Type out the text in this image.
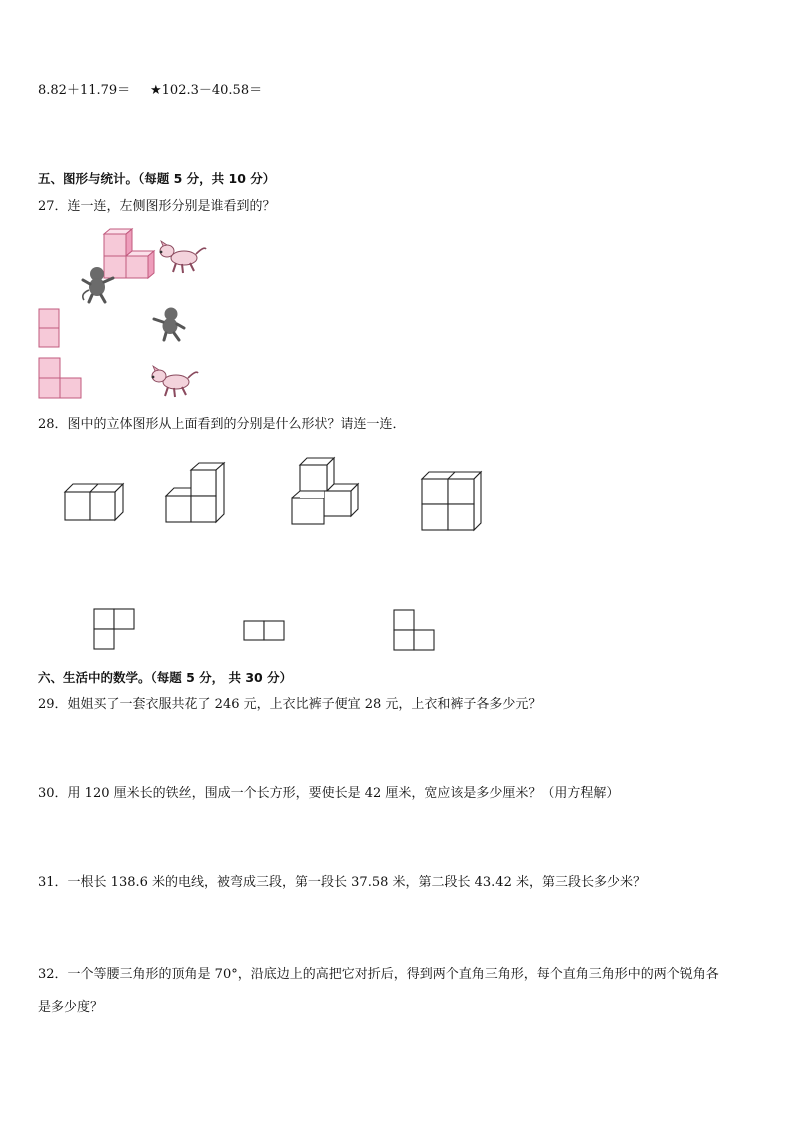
8.82＋11.79＝ ★102.3－40.58＝
五、图形与统计。（每题 5 分，共 10 分）
27．连一连，左侧图形分别是谁看到的？
28．图中的立体图形从上面看到的分别是什么形状？请连一连．
六、生活中的数学。（每题 5 分， 共 30 分）
29．姐姐买了一套衣服共花了 246 元，上衣比裤子便宜 28 元，上衣和裤子各多少元？
30．用 120 厘米长的铁丝，围成一个长方形，要使长是 42 厘米，宽应该是多少厘米？（用方程解）
31．一根长 138.6 米的电线，被弯成三段，第一段长 37.58 米，第二段长 43.42 米，第三段长多少米？
32．一个等腰三角形的顶角是 70°，沿底边上的高把它对折后，得到两个直角三角形，每个直角三角形中的两个锐角各
是多少度？
